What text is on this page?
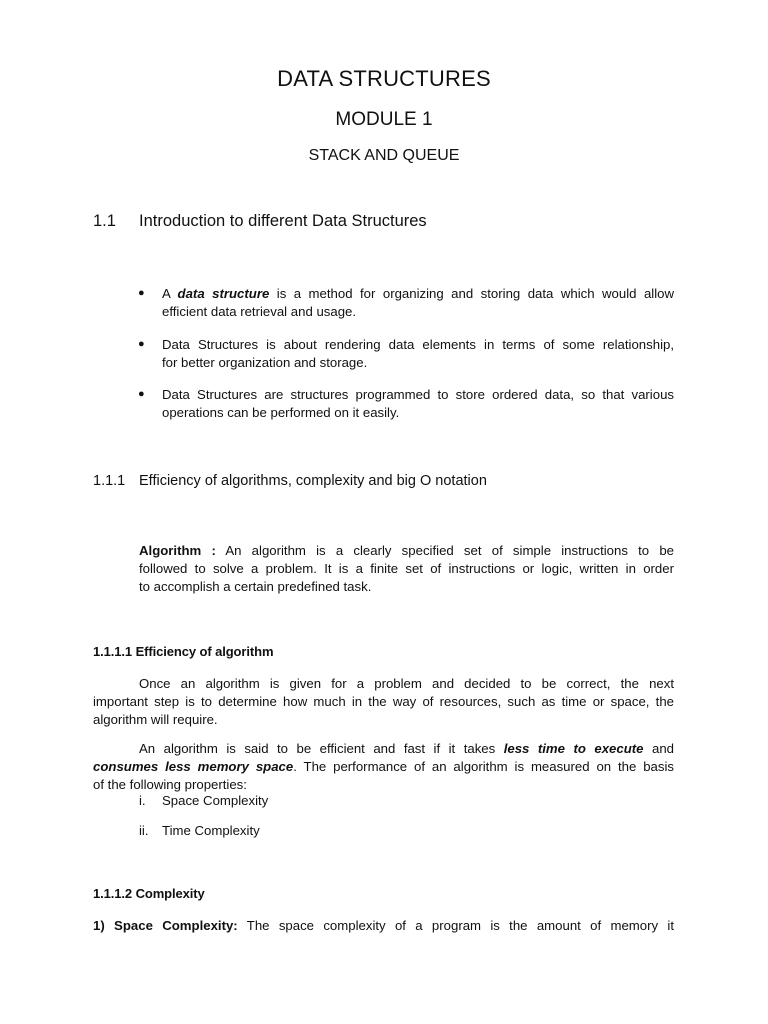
DATA STRUCTURES
MODULE 1
STACK AND QUEUE
1.1 Introduction to different Data Structures
● A data structure is a method for organizing and storing data which would allow
efficient data retrieval and usage.
● Data Structures is about rendering data elements in terms of some relationship,
for better organization and storage.
● Data Structures are structures programmed to store ordered data, so that various
operations can be performed on it easily.
1.1.1 Efficiency of algorithms, complexity and big O notation
Algorithm : An algorithm is a clearly specified set of simple instructions to be
followed to solve a problem. It is a finite set of instructions or logic, written in order
to accomplish a certain predefined task.
1.1.1.1 Efficiency of algorithm
Once an algorithm is given for a problem and decided to be correct, the next
important step is to determine how much in the way of resources, such as time or space, the
algorithm will require.
An algorithm is said to be efficient and fast if it takes less time to execute and
consumes less memory space. The performance of an algorithm is measured on the basis
of the following properties:
i. Space Complexity
ii. Time Complexity
1.1.1.2 Complexity
1) Space Complexity: The space complexity of a program is the amount of memory it
